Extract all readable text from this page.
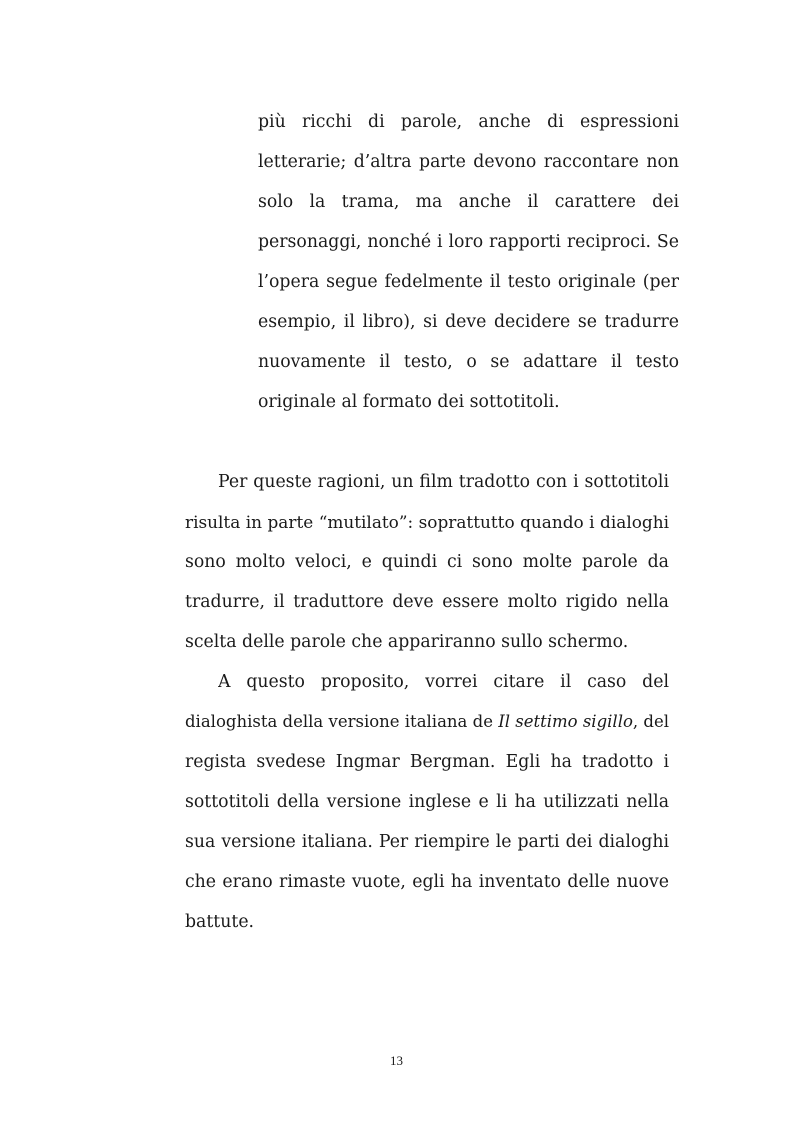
più ricchi di parole, anche di espressioni
letterarie; d’altra parte devono raccontare non
solo la trama, ma anche il carattere dei
personaggi, nonché i loro rapporti reciproci. Se
l’opera segue fedelmente il testo originale (per
esempio, il libro), si deve decidere se tradurre
nuovamente il testo, o se adattare il testo
originale al formato dei sottotitoli.
Per queste ragioni, un film tradotto con i sottotitoli
risulta in parte “mutilato”: soprattutto quando i dialoghi
sono molto veloci, e quindi ci sono molte parole da
tradurre, il traduttore deve essere molto rigido nella
scelta delle parole che appariranno sullo schermo.
A questo proposito, vorrei citare il caso del
dialoghista della versione italiana de Il settimo sigillo, del
regista svedese Ingmar Bergman. Egli ha tradotto i
sottotitoli della versione inglese e li ha utilizzati nella
sua versione italiana. Per riempire le parti dei dialoghi
che erano rimaste vuote, egli ha inventato delle nuove
battute.
13
